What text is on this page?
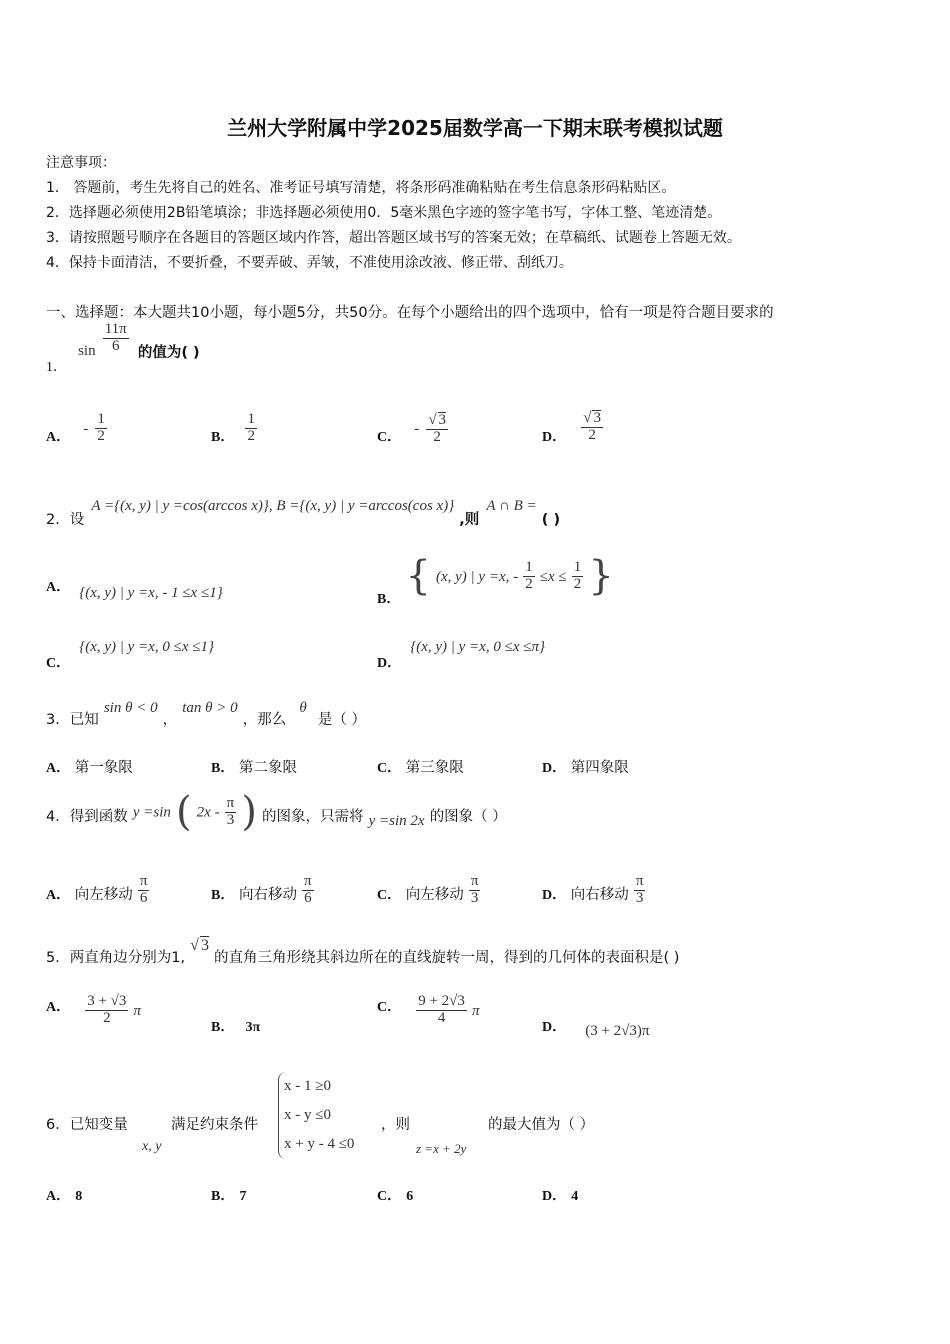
兰州大学附属中学2025届数学高一下期末联考模拟试题
注意事项：
1． 答题前，考生先将自己的姓名、准考证号填写清楚，将条形码准确粘贴在考生信息条形码粘贴区。
2．选择题必须使用2B铅笔填涂；非选择题必须使用0．5毫米黑色字迹的签字笔书写，字体工整、笔迹清楚。
3．请按照题号顺序在各题目的答题区域内作答，超出答题区域书写的答案无效；在草稿纸、试题卷上答题无效。
4．保持卡面清洁，不要折叠，不要弄破、弄皱，不准使用涂改液、修正带、刮纸刀。
一、选择题：本大题共10小题，每小题5分，共50分。在每个小题给出的四个选项中，恰有一项是符合题目要求的
1． $\sin \frac{11\pi}{6}$ 的值为( )
A． - $\frac{1}{2}$	B． $\frac{1}{2}$	C． - $\frac{√ 3}{2}$	D． $\frac{√ 3}{2}$
2．设 A ={(x, y) | y =cos(arccos x)}, B ={(x, y) | y =arccos(cos x)} ,则 A ∩ B = ( )
A． {(x, y) | y =x, - 1 ≤x ≤1}	B． { (x, y) | y =x, - $\frac{1}{2} \le x \le \frac{1}{2}$ }
C． {(x, y) | y =x, 0 ≤x ≤1}
D． {(x, y) | y =x, 0 ≤x ≤π}
3．已知 sin θ < 0 ， tan θ > 0 ，那么 θ 是（ ）
A． 第一象限	B． 第二象限	C． 第三象限	D． 第四象限
4．得到函数 y =sin ( $2x - \frac{\pi}{3}$ ) 的图象，只需将 y =sin 2x 的图象（ ）
A． 向左移动 $\frac{\pi}{6}$	B． 向右移动 $\frac{\pi}{6}$	C． 向左移动 $\frac{\pi}{3}$	D． 向右移动 $\frac{\pi}{3}$
5．两直角边分别为1, √ 3 的直角三角形绕其斜边所在的直线旋转一周，得到的几何体的表面积是( )
A． $\frac{3 + √3}{2}$ π
B． 3π
C． $\frac{9 + 2√3}{4}$ π
D． (3 + 2√3)π
6．已知变量
x, y
满足约束条件
x - 1 ≥0
x - y ≤0
x + y - 4 ≤0
，则
z =x + 2y
的最大值为（ ）
A． 8	B． 7	C． 6	D． 4
